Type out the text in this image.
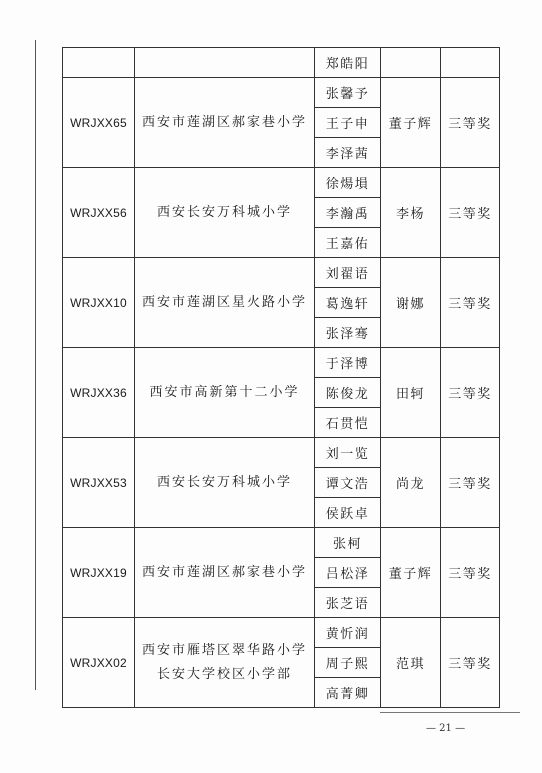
		郑皓阳		
WRJXX65	西安市莲湖区郝家巷小学	张馨予	董子辉	三等奖
		王子申		
		李泽茜		
WRJXX56	西安长安万科城小学	徐煬塤	李杨	三等奖
		李瀚禹		
		王嘉佑		
WRJXX10	西安市莲湖区星火路小学	刘翟语	谢娜	三等奖
		葛逸轩		
		张泽骞		
WRJXX36	西安市高新第十二小学	于泽博	田轲	三等奖
		陈俊龙		
		石贯恺		
WRJXX53	西安长安万科城小学	刘一览	尚龙	三等奖
		谭文浩		
		侯跃卓		
WRJXX19	西安市莲湖区郝家巷小学	张柯	董子辉	三等奖
		吕松泽		
		张芝语		
WRJXX02	西安市雁塔区翠华路小学
长安大学校区小学部	黄忻润	范琪	三等奖
		周子熙		
		高菁卿		
— 21 —
